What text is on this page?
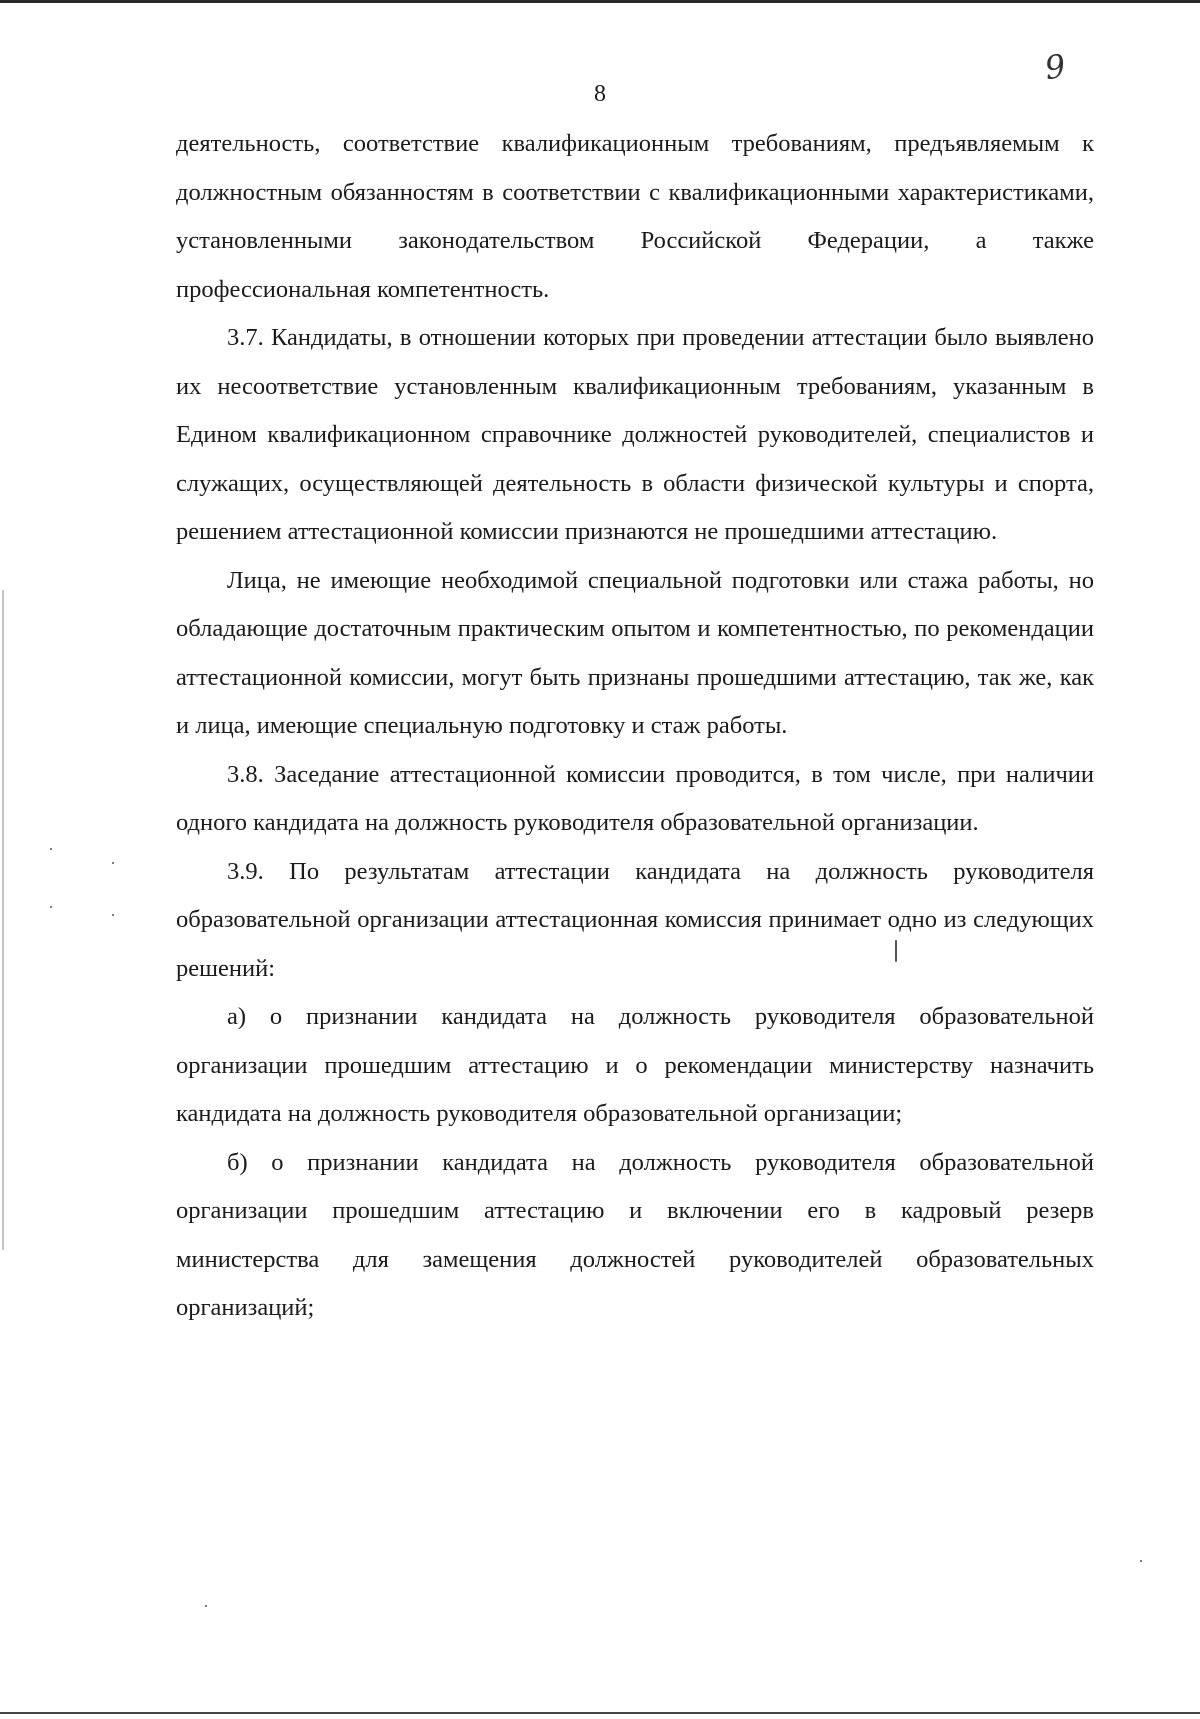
8
9

деятельность, соответствие квалификационным требованиям, предъявляемым к должностным обязанностям в соответствии с квалификационными характеристиками, установленными законодательством Российской Федерации, а также профессиональная компетентность.

3.7. Кандидаты, в отношении которых при проведении аттестации было выявлено их несоответствие установленным квалификационным требованиям, указанным в Едином квалификационном справочнике должностей руководителей, специалистов и служащих, осуществляющей деятельность в области физической культуры и спорта, решением аттестационной комиссии признаются не прошедшими аттестацию.

Лица, не имеющие необходимой специальной подготовки или стажа работы, но обладающие достаточным практическим опытом и компетентностью, по рекомендации аттестационной комиссии, могут быть признаны прошедшими аттестацию, так же, как и лица, имеющие специальную подготовку и стаж работы.

3.8. Заседание аттестационной комиссии проводится, в том числе, при наличии одного кандидата на должность руководителя образовательной организации.

3.9. По результатам аттестации кандидата на должность руководителя образовательной организации аттестационная комиссия принимает одно из следующих решений:

а) о признании кандидата на должность руководителя образовательной организации прошедшим аттестацию и о рекомендации министерству назначить кандидата на должность руководителя образовательной организации;

б) о признании кандидата на должность руководителя образовательной организации прошедшим аттестацию и включении его в кадровый резерв министерства для замещения должностей руководителей образовательных организаций;
